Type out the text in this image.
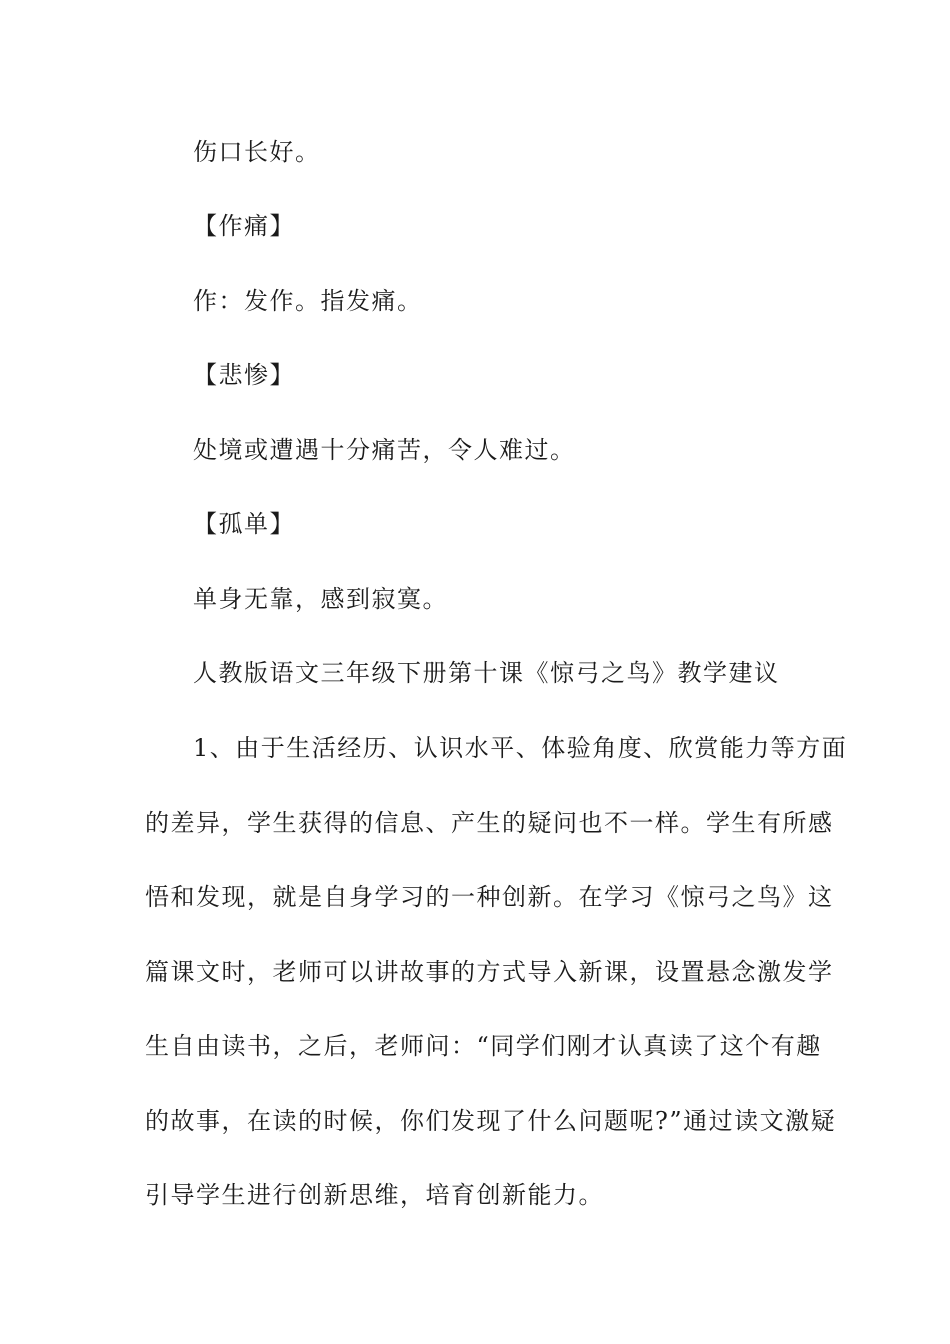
伤口长好。
【作痛】
作：发作。指发痛。
【悲惨】
处境或遭遇十分痛苦，令人难过。
【孤单】
单身无靠，感到寂寞。
人教版语文三年级下册第十课《惊弓之鸟》教学建议
1、由于生活经历、认识水平、体验角度、欣赏能力等方面
的差异，学生获得的信息、产生的疑问也不一样。学生有所感
悟和发现，就是自身学习的一种创新。在学习《惊弓之鸟》这
篇课文时，老师可以讲故事的方式导入新课，设置悬念激发学
生自由读书，之后，老师问：“同学们刚才认真读了这个有趣
的故事，在读的时候，你们发现了什么问题呢?”通过读文激疑
引导学生进行创新思维，培育创新能力。
